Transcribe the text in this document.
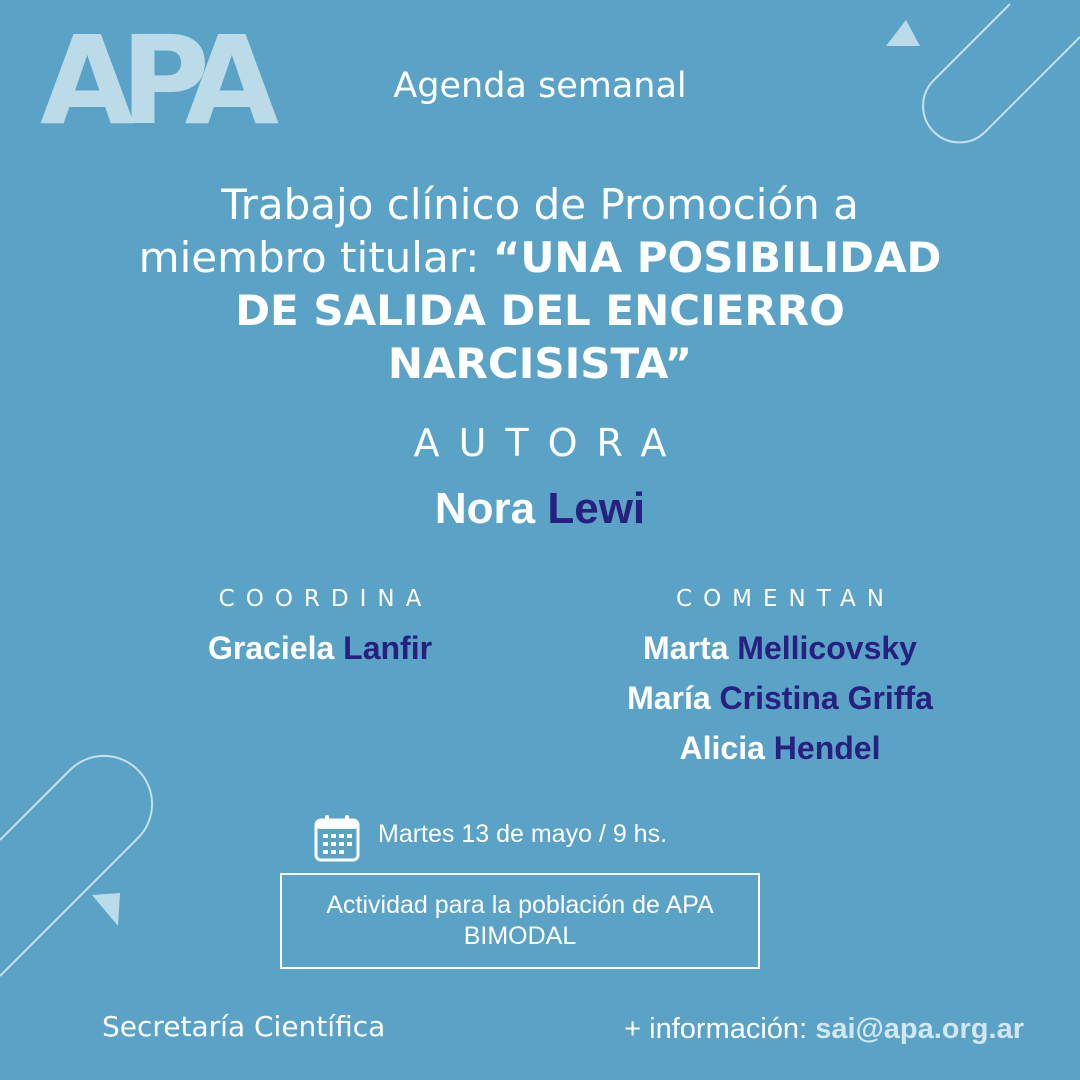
APA	Agenda semanal
Trabajo clínico de Promoción a
miembro titular: “UNA POSIBILIDAD
DE SALIDA DEL ENCIERRO
NARCISISTA”
AUTORA
Nora Lewi
COORDINA
Graciela Lanfir
COMENTAN
Marta Mellicovsky
María Cristina Griffa
Alicia Hendel
Martes 13 de mayo / 9 hs.
Actividad para la población de APA
BIMODAL
Secretaría Científica	+ información: sai@apa.org.ar
